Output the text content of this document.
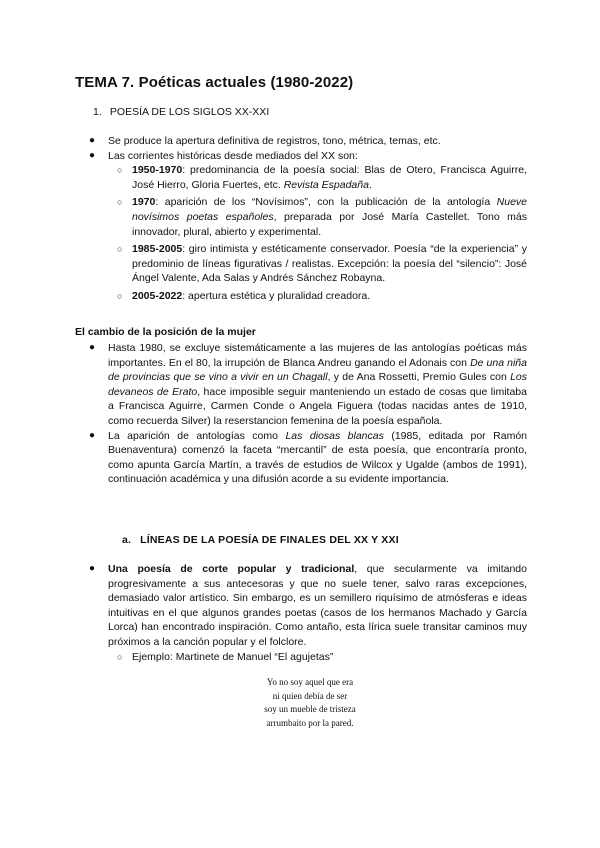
TEMA 7. Poéticas actuales (1980-2022)
1. POESÍA DE LOS SIGLOS XX-XXI
● Se produce la apertura definitiva de registros, tono, métrica, temas, etc.
● Las corrientes históricas desde mediados del XX son:
○ 1950-1970: predominancia de la poesía social: Blas de Otero, Francisca Aguirre, José Hierro, Gloria Fuertes, etc. Revista Espadaña.
○ 1970: aparición de los “Novísimos”, con la publicación de la antología Nueve novísimos poetas españoles, preparada por José María Castellet. Tono más innovador, plural, abierto y experimental.
○ 1985-2005: giro intimista y estéticamente conservador. Poesía “de la experiencia” y predominio de líneas figurativas / realistas. Excepción: la poesía del “silencio”: José Ángel Valente, Ada Salas y Andrés Sánchez Robayna.
○ 2005-2022: apertura estética y pluralidad creadora.
El cambio de la posición de la mujer
● Hasta 1980, se excluye sistemáticamente a las mujeres de las antologías poéticas más importantes. En el 80, la irrupción de Blanca Andreu ganando el Adonais con De una niña de provincias que se vino a vivir en un Chagall, y de Ana Rossetti, Premio Gules con Los devaneos de Erato, hace imposible seguir manteniendo un estado de cosas que limitaba a Francisca Aguirre, Carmen Conde o Angela Figuera (todas nacidas antes de 1910, como recuerda Silver) la reserstancion femenina de la poesía española.
● La aparición de antologías como Las diosas blancas (1985, editada por Ramón Buenaventura) comenzó la faceta “mercantil” de esta poesía, que encontraría pronto, como apunta García Martín, a través de estudios de Wilcox y Ugalde (ambos de 1991), continuación académica y una difusión acorde a su evidente importancia.
a. LÍNEAS DE LA POESÍA DE FINALES DEL XX Y XXI
● Una poesía de corte popular y tradicional, que secularmente va imitando progresivamente a sus antecesoras y que no suele tener, salvo raras excepciones, demasiado valor artístico. Sin embargo, es un semillero riquísimo de atmósferas e ideas intuitivas en el que algunos grandes poetas (casos de los hermanos Machado y García Lorca) han encontrado inspiración. Como antaño, esta lírica suele transitar caminos muy próximos a la canción popular y el folclore.
○ Ejemplo: Martinete de Manuel “El agujetas”
Yo no soy aquel que era
ni quien debía de ser
soy un mueble de tristeza
arrumbaito por la pared.
